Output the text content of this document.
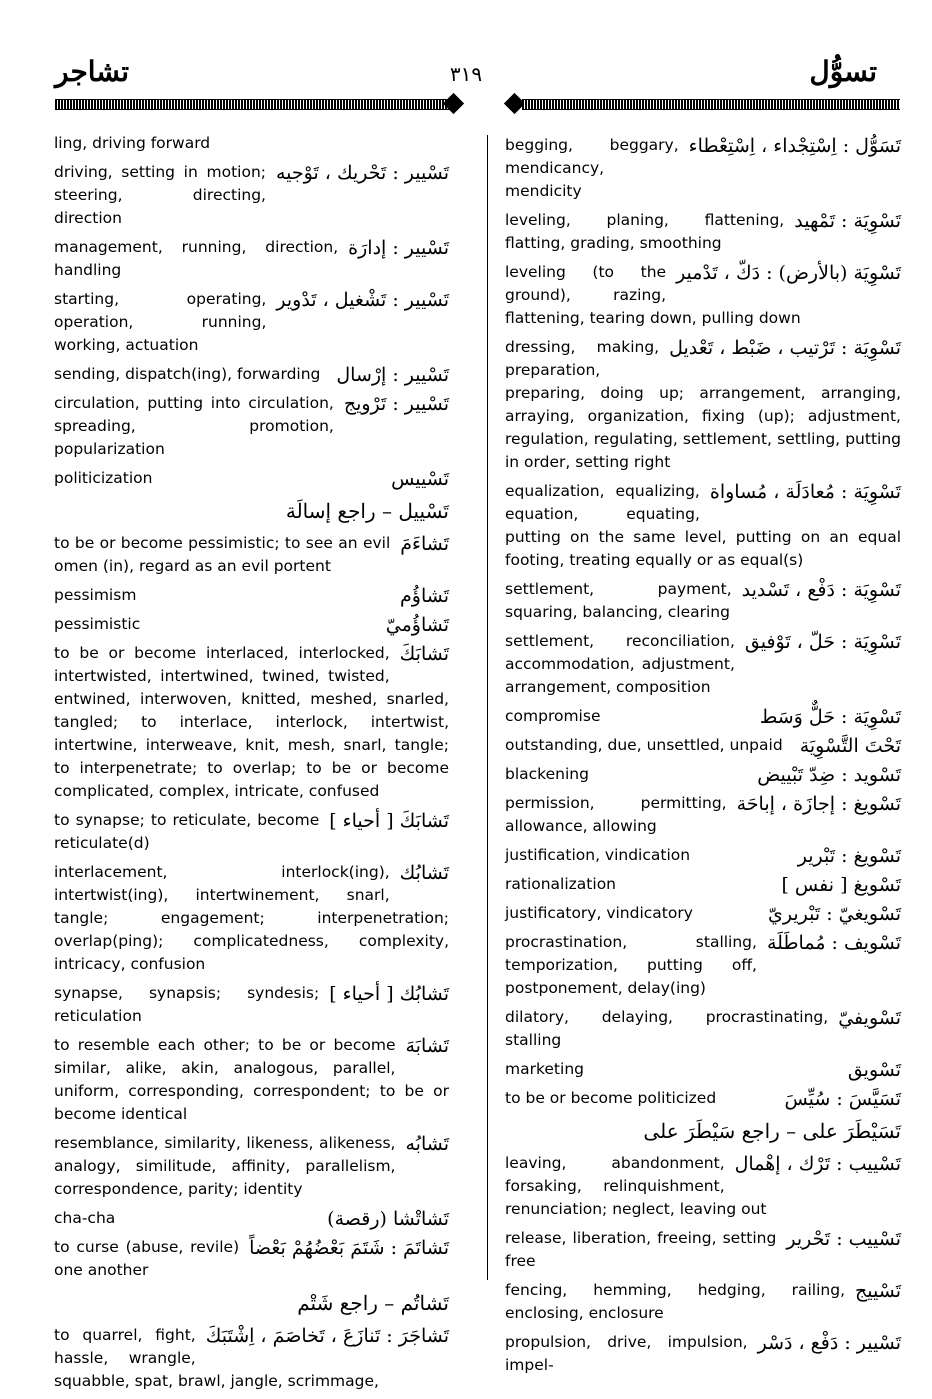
تشاجر	٣١٩	تسوُّل

ling, driving forward

تَسْيير : تَحْريك ، تَوْجيه

driving, setting in motion; steering, directing, direction

تَسْيير : إدارَة

management, running, direction, handling

تَسْيير : تَشْغيل ، تَدْوير

starting, operating, operation, running, working, actuation

تَسْيير : إرْسال

sending, dispatch(ing), forwarding

تَسْيير : تَرْويج

circulation, putting into circulation, spreading, promotion, popularization

تَسْييس

politicization

تَسْييل – راجع إسالَة
تَشاءَمَ

to be or become pessimistic; to see an evil omen (in), regard as an evil portent

تَشاؤُم

pessimism

تَشاؤُميّ

pessimistic

تَشابَكَ

to be or become interlaced, interlocked, intertwisted, intertwined, twined, twisted, entwined, interwoven, knitted, meshed, snarled, tangled; to interlace, interlock, intertwist, intertwine, interweave, knit, mesh, snarl, tangle; to interpenetrate; to overlap; to be or become complicated, complex, intricate, confused

تَشابَكَ [ أحياء ]

to synapse; to reticulate, become reticulate(d)

تَشابُك

interlacement, interlock(ing), intertwist(ing), intertwinement, snarl, tangle; engagement; interpenetration; overlap(ping); complicatedness, complexity, intricacy, confusion

تَشابُك [ أحياء ]

synapse, synapsis; syndesis; reticulation

تَشابَهَ

to resemble each other; to be or become similar, alike, akin, analogous, parallel, uniform, corresponding, correspondent; to be or become identical

تَشابُه

resemblance, similarity, likeness, alikeness, analogy, similitude, affinity, parallelism, correspondence, parity; identity

تَشاتْشا (رقصة)

cha-cha

تَشاتَمَ : شَتَمَ بَعْضُهُمْ بَعْضاً

to curse (abuse, revile) one another

تَشاتُم – راجع شَتْم
تَشاجَرَ : تَنازَعَ ، تَخاصَمَ ، اِشْتَبَكَ

to quarrel, fight, hassle, wrangle, squabble, spat, brawl, jangle, scrimmage,

تَسَوُّل : اِسْتِجْداء ، اِسْتِعْطاء

begging, beggary, mendicancy, mendicity

تَسْوِيَة : تَمْهيد

leveling, planing, flattening, flatting, grading, smoothing

تَسْوِيَة (بالأرض) : دَكّ ، تَدْمير

leveling (to the ground), razing, flattening, tearing down, pulling down

تَسْوِيَة : تَرْتيب ، ضَبْط ، تَعْديل

dressing, making, preparation, preparing, doing up; arrangement, arranging, arraying, organization, fixing (up); adjustment, regulation, regulating, settlement, settling, putting in order, setting right

تَسْوِيَة : مُعادَلَة ، مُساواة

equalization, equalizing, equation, equating, putting on the same level, putting on an equal footing, treating equally or as equal(s)

تَسْوِيَة : دَفْع ، تَسْديد

settlement, payment, squaring, balancing, clearing

تَسْوِيَة : حَلّ ، تَوْفيق

settlement, reconciliation, accommodation, adjustment, arrangement, composition

تَسْوِيَة : حَلٌّ وَسَط

compromise

تَحْتَ التَّسْوِيَة

outstanding, due, unsettled, unpaid

تَسْويد : ضِدّ تَبْييض

blackening

تَسْويغ : إجازَة ، إباحَة

permission, permitting, allowance, allowing

تَسْويغ : تَبْرير

justification, vindication

تَسْويغ [ نفس ]

rationalization

تَسْويغيّ : تَبْريريّ

justificatory, vindicatory

تَسْويف : مُماطَلَة

procrastination, stalling, temporization, putting off, postponement, delay(ing)

تَسْويفيّ

dilatory, delaying, procrastinating, stalling

تَسْويق

marketing

تَسَيَّسَ : سُيِّسَ

to be or become politicized

تَسَيْطَرَ على – راجع سَيْطَرَ على
تَسْييب : تَرْك ، إهْمال

leaving, abandonment, forsaking, relinquishment, renunciation; neglect, leaving out

تَسْييب : تَحْرير

release, liberation, freeing, setting free

تَسْييج

fencing, hemming, hedging, railing, enclosing, enclosure

تَسْيير : دَفْع ، دَسْر

propulsion, drive, impulsion, impel-
